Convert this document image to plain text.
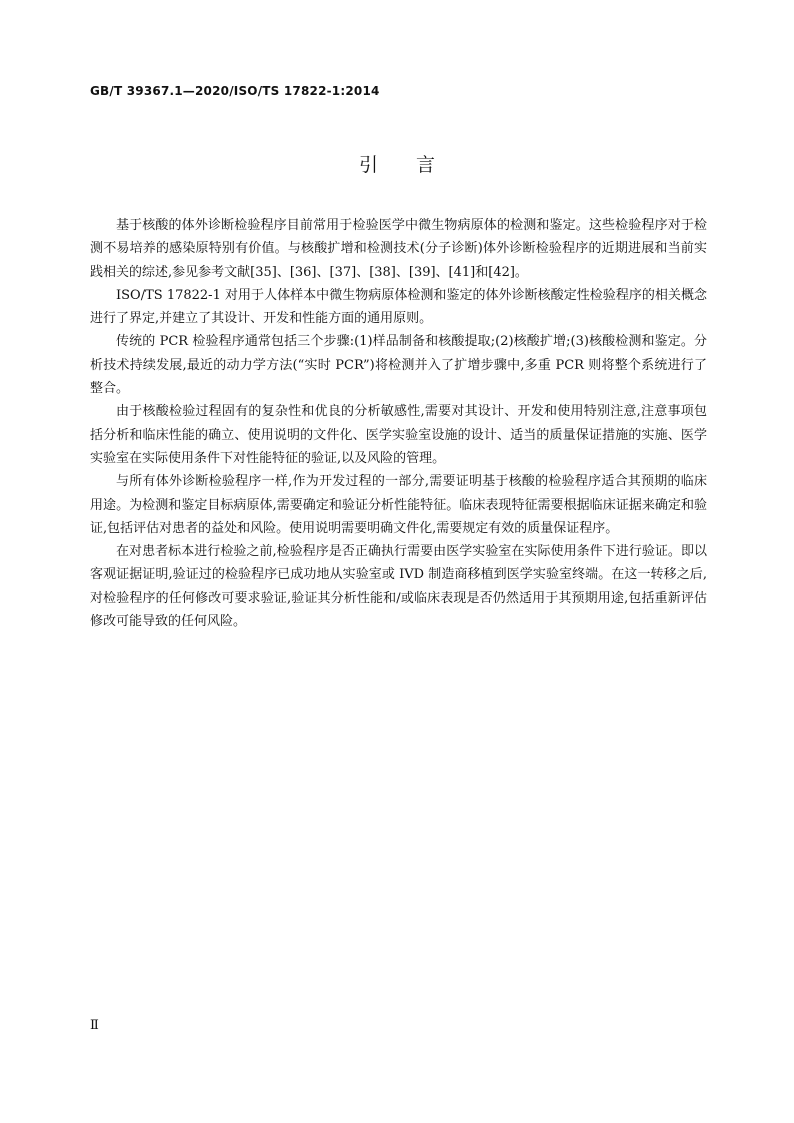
GB/T 39367.1—2020/ISO/TS 17822-1:2014
引言

基于核酸的体外诊断检验程序目前常用于检验医学中微生物病原体的检测和鉴定。这些检验程序对于检测不易培养的感染原特别有价值。与核酸扩增和检测技术(分子诊断)体外诊断检验程序的近期进展和当前实践相关的综述,参见参考文献[35]、[36]、[37]、[38]、[39]、[41]和[42]。

ISO/TS 17822-1 对用于人体样本中微生物病原体检测和鉴定的体外诊断核酸定性检验程序的相关概念进行了界定,并建立了其设计、开发和性能方面的通用原则。

传统的 PCR 检验程序通常包括三个步骤:(1)样品制备和核酸提取;(2)核酸扩增;(3)核酸检测和鉴定。分析技术持续发展,最近的动力学方法(“实时 PCR”)将检测并入了扩增步骤中,多重 PCR 则将整个系统进行了整合。

由于核酸检验过程固有的复杂性和优良的分析敏感性,需要对其设计、开发和使用特别注意,注意事项包括分析和临床性能的确立、使用说明的文件化、医学实验室设施的设计、适当的质量保证措施的实施、医学实验室在实际使用条件下对性能特征的验证,以及风险的管理。

与所有体外诊断检验程序一样,作为开发过程的一部分,需要证明基于核酸的检验程序适合其预期的临床用途。为检测和鉴定目标病原体,需要确定和验证分析性能特征。临床表现特征需要根据临床证据来确定和验证,包括评估对患者的益处和风险。使用说明需要明确文件化,需要规定有效的质量保证程序。

在对患者标本进行检验之前,检验程序是否正确执行需要由医学实验室在实际使用条件下进行验证。即以客观证据证明,验证过的检验程序已成功地从实验室或 IVD 制造商移植到医学实验室终端。在这一转移之后,对检验程序的任何修改可要求验证,验证其分析性能和/或临床表现是否仍然适用于其预期用途,包括重新评估修改可能导致的任何风险。

Ⅱ
